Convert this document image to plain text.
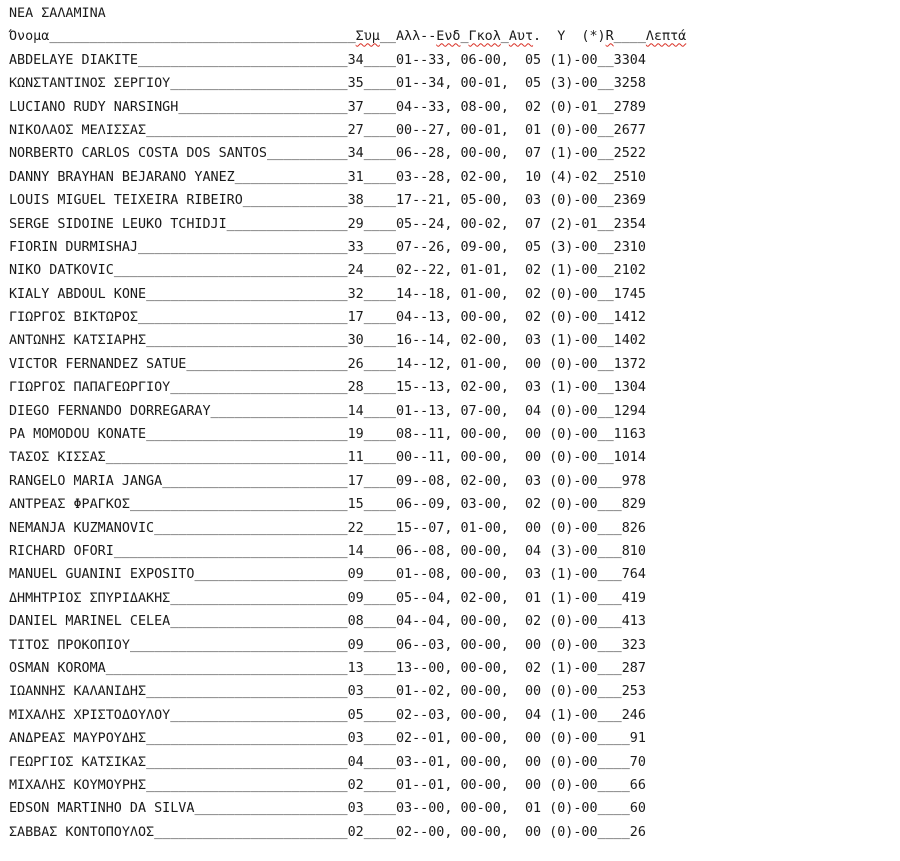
ΝΕΑ ΣΑΛΑΜΙΝΑ
Όνομα______________________________________Συμ__Αλλ--Ενδ_Γκολ_Αυτ.  Υ  (*)R____Λεπτά
ABDELAYE DIAKITE__________________________34____01--33, 06-00,  05 (1)-00__3304
ΚΩΝΣΤΑΝΤΙΝΟΣ ΣΕΡΓΙΟΥ______________________35____01--34, 00-01,  05 (3)-00__3258
LUCIANO RUDY NARSINGH_____________________37____04--33, 08-00,  02 (0)-01__2789
ΝΙΚΟΛΑΟΣ ΜΕΛΙΣΣΑΣ_________________________27____00--27, 00-01,  01 (0)-00__2677
NORBERTO CARLOS COSTA DOS SANTOS__________34____06--28, 00-00,  07 (1)-00__2522
DANNY BRAYHAN BEJARANO YANEZ______________31____03--28, 02-00,  10 (4)-02__2510
LOUIS MIGUEL TEIXEIRA RIBEIRO_____________38____17--21, 05-00,  03 (0)-00__2369
SERGE SIDOINE LEUKO TCHIDJI_______________29____05--24, 00-02,  07 (2)-01__2354
FIORIN DURMISHAJ__________________________33____07--26, 09-00,  05 (3)-00__2310
NIKO DATKOVIC_____________________________24____02--22, 01-01,  02 (1)-00__2102
KIALY ABDOUL KONE_________________________32____14--18, 01-00,  02 (0)-00__1745
ΓΙΩΡΓΟΣ ΒΙΚΤΩΡΟΣ__________________________17____04--13, 00-00,  02 (0)-00__1412
ΑΝΤΩΝΗΣ ΚΑΤΣΙΑΡΗΣ_________________________30____16--14, 02-00,  03 (1)-00__1402
VICTOR FERNANDEZ SATUE____________________26____14--12, 01-00,  00 (0)-00__1372
ΓΙΩΡΓΟΣ ΠΑΠΑΓΕΩΡΓΙΟΥ______________________28____15--13, 02-00,  03 (1)-00__1304
DIEGO FERNANDO DORREGARAY_________________14____01--13, 07-00,  04 (0)-00__1294
PA MOMODOU KONATE_________________________19____08--11, 00-00,  00 (0)-00__1163
ΤΑΣΟΣ ΚΙΣΣΑΣ______________________________11____00--11, 00-00,  00 (0)-00__1014
RANGELO MARIA JANGA_______________________17____09--08, 02-00,  03 (0)-00___978
ΑΝΤΡΕΑΣ ΦΡΑΓΚΟΣ___________________________15____06--09, 03-00,  02 (0)-00___829
NEMANJA KUZMANOVIC________________________22____15--07, 01-00,  00 (0)-00___826
RICHARD OFORI_____________________________14____06--08, 00-00,  04 (3)-00___810
MANUEL GUANINI EXPOSITO___________________09____01--08, 00-00,  03 (1)-00___764
ΔΗΜΗΤΡΙΟΣ ΣΠΥΡΙΔΑΚΗΣ______________________09____05--04, 02-00,  01 (1)-00___419
DANIEL MARINEL CELEA______________________08____04--04, 00-00,  02 (0)-00___413
ΤΙΤΟΣ ΠΡΟΚΟΠΙΟΥ___________________________09____06--03, 00-00,  00 (0)-00___323
OSMAN KOROMA______________________________13____13--00, 00-00,  02 (1)-00___287
ΙΩΑΝΝΗΣ ΚΑΛΑΝΙΔΗΣ_________________________03____01--02, 00-00,  00 (0)-00___253
ΜΙΧΑΛΗΣ ΧΡΙΣΤΟΔΟΥΛΟΥ______________________05____02--03, 00-00,  04 (1)-00___246
ΑΝΔΡΕΑΣ ΜΑΥΡΟΥΔΗΣ_________________________03____02--01, 00-00,  00 (0)-00____91
ΓΕΩΡΓΙΟΣ ΚΑΤΣΙΚΑΣ_________________________04____03--01, 00-00,  00 (0)-00____70
ΜΙΧΑΛΗΣ ΚΟΥΜΟΥΡΗΣ_________________________02____01--01, 00-00,  00 (0)-00____66
EDSON MARTINHO DA SILVA___________________03____03--00, 00-00,  01 (0)-00____60
ΣΑΒΒΑΣ ΚΟΝΤΟΠΟΥΛΟΣ________________________02____02--00, 00-00,  00 (0)-00____26
